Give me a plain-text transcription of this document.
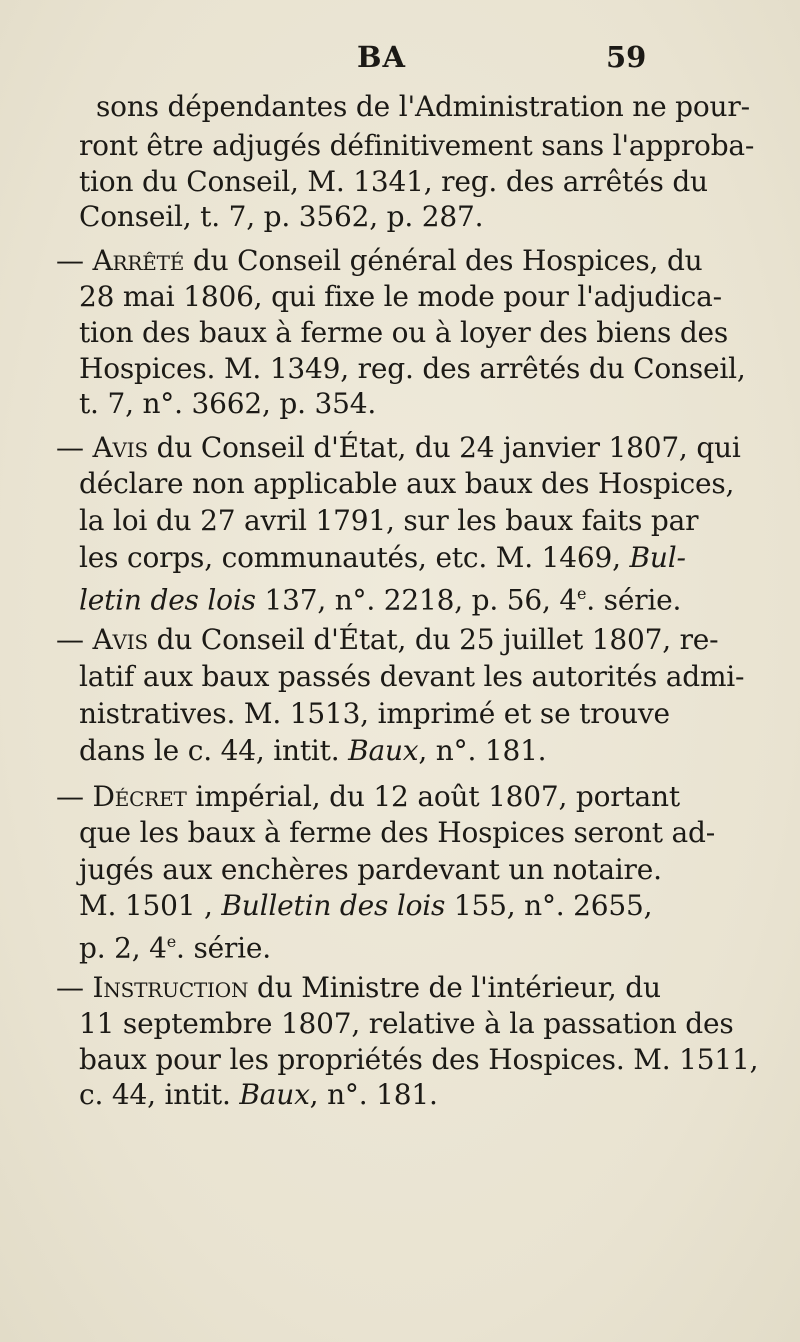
BA	59
sons dépendantes de l'Administration ne pour-
ront être adjugés définitivement sans l'approba-
tion du Conseil, M. 1341, reg. des arrêtés du
Conseil, t. 7, p. 3562, p. 287.
— Arrêté du Conseil général des Hospices, du
28 mai 1806, qui fixe le mode pour l'adjudica-
tion des baux à ferme ou à loyer des biens des
Hospices. M. 1349, reg. des arrêtés du Conseil,
t. 7, n°. 3662, p. 354.
— Avis du Conseil d'État, du 24 janvier 1807, qui
déclare non applicable aux baux des Hospices,
la loi du 27 avril 1791, sur les baux faits par
les corps, communautés, etc. M. 1469, Bul-
letin des lois 137, n°. 2218, p. 56, 4e. série.
— Avis du Conseil d'État, du 25 juillet 1807, re-
latif aux baux passés devant les autorités admi-
nistratives. M. 1513, imprimé et se trouve
dans le c. 44, intit. Baux, n°. 181.
— Décret impérial, du 12 août 1807, portant
que les baux à ferme des Hospices seront ad-
jugés aux enchères pardevant un notaire.
M. 1501 , Bulletin des lois 155, n°. 2655,
p. 2, 4e. série.
— Instruction du Ministre de l'intérieur, du
11 septembre 1807, relative à la passation des
baux pour les propriétés des Hospices. M. 1511,
c. 44, intit. Baux, n°. 181.
